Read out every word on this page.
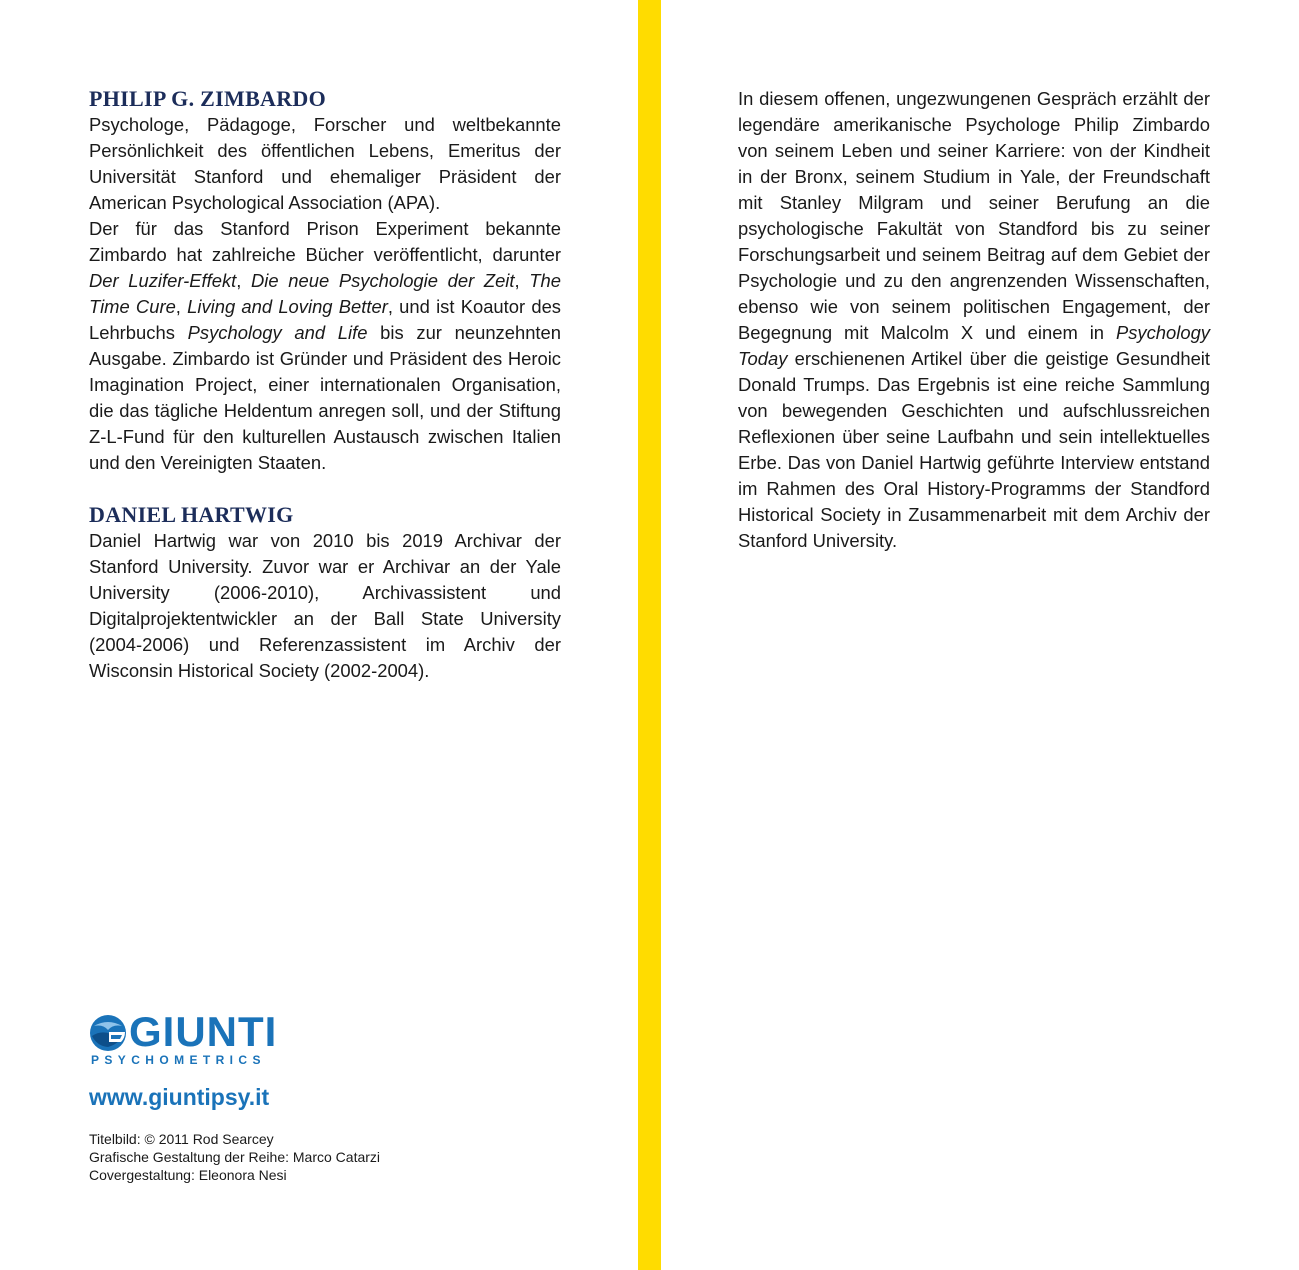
PHILIP G. ZIMBARDO

Psychologe, Pädagoge, Forscher und weltbekannte Persönlichkeit des öffentlichen Lebens, Emeritus der Universität Stanford und ehemaliger Präsident der American Psychological Association (APA).

Der für das Stanford Prison Experiment bekannte Zimbardo hat zahlreiche Bücher veröffentlicht, darunter Der Luzifer-Effekt, Die neue Psychologie der Zeit, The Time Cure, Living and Loving Better, und ist Koautor des Lehrbuchs Psychology and Life bis zur neunzehnten Ausgabe. Zimbardo ist Gründer und Präsident des Heroic Imagination Project, einer internationalen Organisation, die das tägliche Heldentum anregen soll, und der Stiftung Z-L-Fund für den kulturellen Austausch zwischen Italien und den Vereinigten Staaten.

DANIEL HARTWIG

Daniel Hartwig war von 2010 bis 2019 Archivar der Stanford University. Zuvor war er Archivar an der Yale University (2006-2010), Archivassistent und Digitalprojektentwickler an der Ball State University (2004-2006) und Referenzassistent im Archiv der Wisconsin Historical Society (2002-2004).

In diesem offenen, ungezwungenen Gespräch erzählt der legendäre amerikanische Psychologe Philip Zimbardo von seinem Leben und seiner Karriere: von der Kindheit in der Bronx, seinem Studium in Yale, der Freundschaft mit Stanley Milgram und seiner Berufung an die psychologische Fakultät von Standford bis zu seiner Forschungsarbeit und seinem Beitrag auf dem Gebiet der Psychologie und zu den angrenzenden Wissenschaften, ebenso wie von seinem politischen Engagement, der Begegnung mit Malcolm X und einem in Psychology Today erschienenen Artikel über die geistige Gesundheit Donald Trumps. Das Ergebnis ist eine reiche Sammlung von bewegenden Geschichten und aufschlussreichen Reflexionen über seine Laufbahn und sein intellektuelles Erbe. Das von Daniel Hartwig geführte Interview entstand im Rahmen des Oral History-Programms der Standford Historical Society in Zusammenarbeit mit dem Archiv der Stanford University.

GIUNTI
PSYCHOMETRICS
www.giuntipsy.it
Titelbild: © 2011 Rod Searcey
Grafische Gestaltung der Reihe: Marco Catarzi
Covergestaltung: Eleonora Nesi
